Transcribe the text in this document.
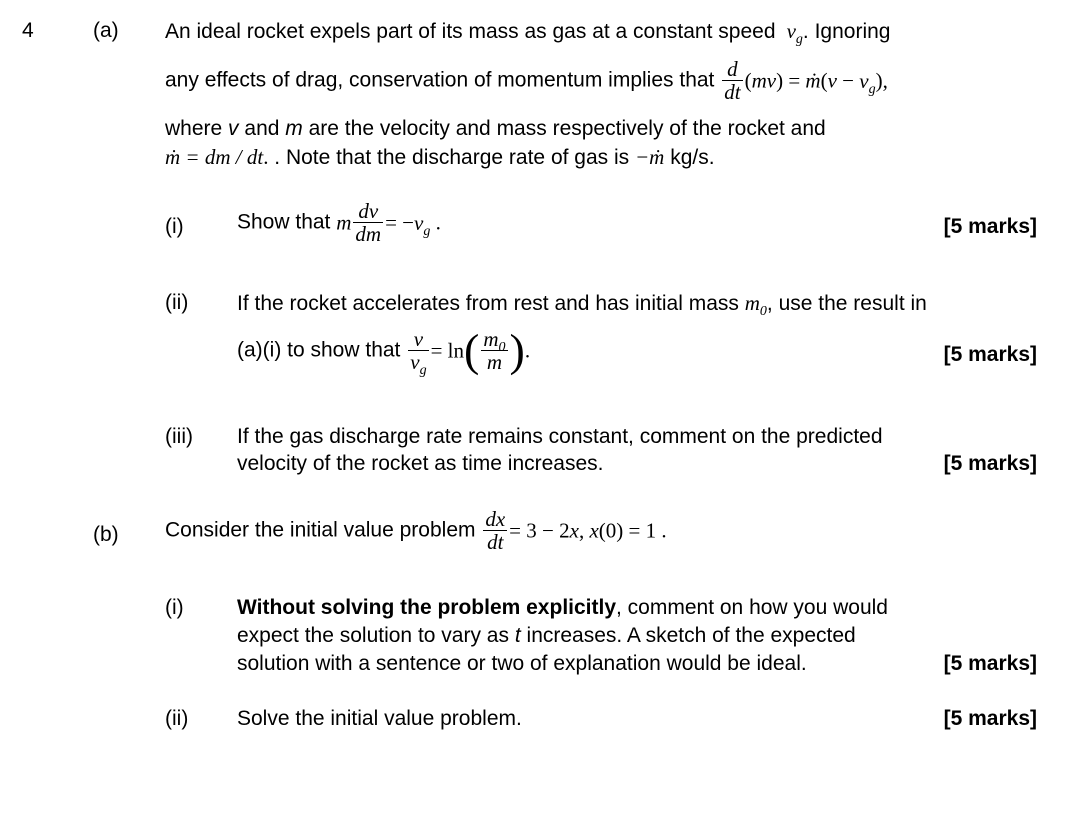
4	(a) An ideal rocket expels part of its mass as gas at a constant speed  $v_g$. Ignoring
any effects of drag, conservation of momentum implies that $\frac{d}{dt} (mv)$ = ṁ(v − $v_g$),
where v and m are the velocity and mass respectively of the rocket and
ṁ = dm / dt. . Note that the discharge rate of gas is −ṁ kg/s.
(i)	Show that m $\frac{dv}{dm} = -v_g$ .	[5 marks]
(ii) If the rocket accelerates from rest and has initial mass $m_0$, use the result in
(a)(i) to show that $\frac{v}{v_g} = \ln( \frac{m_0}{m}$ ).	[5 marks]
(iii) If the gas discharge rate remains constant, comment on the predicted
velocity of the rocket as time increases.	[5 marks]
(b) Consider the initial value problem $\frac{dx}{dt} = 3 - 2x$, x(0) = 1 .
(i)	Without solving the problem explicitly, comment on how you would
expect the solution to vary as t increases. A sketch of the expected
solution with a sentence or two of explanation would be ideal.	[5 marks]
(ii) Solve the initial value problem.	[5 marks]
